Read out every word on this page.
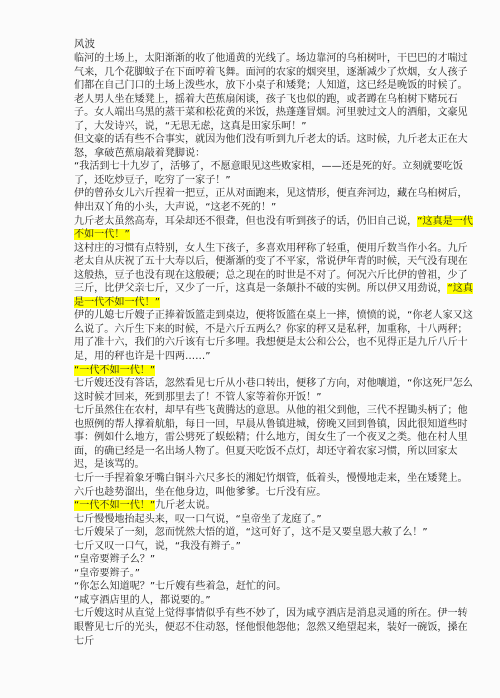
风波

临河的土场上，太阳渐渐的收了他通黄的光线了。场边靠河的乌桕树叶，干巴巴的才喘过气来，几个花脚蚊子在下面哼着飞舞。面河的农家的烟突里，逐渐减少了炊烟，女人孩子们都在自己门口的土场上泼些水，放下小桌子和矮凳；人知道，这已经是晚饭的时候了。

老人男人坐在矮凳上，摇着大芭蕉扇闲谈，孩子飞也似的跑，或者蹲在乌桕树下赌玩石子。女人端出乌黑的蒸干菜和松花黄的米饭，热蓬蓬冒烟。河里驶过文人的酒船，文豪见了，大发诗兴，说，“无思无虑，这真是田家乐呵！”

但文豪的话有些不合事实，就因为他们没有听到九斤老太的话。这时候，九斤老太正在大怒，拿破芭蕉扇敲着凳脚说：

“我活到七十九岁了，活够了，不愿意眼见这些败家相，——还是死的好。立刻就要吃饭了，还吃炒豆子，吃穷了一家子！”

伊的曾孙女儿六斤捏着一把豆，正从对面跑来，见这情形，便直奔河边，藏在乌桕树后，伸出双丫角的小头，大声说，“这老不死的！”

九斤老太虽然高寿，耳朵却还不很聋，但也没有听到孩子的话，仍旧自己说，“这真是一代不如一代！”

这村庄的习惯有点特别，女人生下孩子，多喜欢用秤称了轻重，便用斤数当作小名。九斤老太自从庆祝了五十大寿以后，便渐渐的变了不平家，常说伊年青的时候，天气没有现在这般热，豆子也没有现在这般硬；总之现在的时世是不对了。何况六斤比伊的曾祖，少了三斤，比伊父亲七斤，又少了一斤，这真是一条颠扑不破的实例。所以伊又用劲说，“这真是一代不如一代！”

伊的儿媳七斤嫂子正捧着饭篮走到桌边，便将饭篮在桌上一摔，愤愤的说，“你老人家又这么说了。六斤生下来的时候，不是六斤五两么？你家的秤又是私秤，加重称，十八两秤；用了准十六，我们的六斤该有七斤多哩。我想便是太公和公公，也不见得正是九斤八斤十足，用的秤也许是十四两……”

“一代不如一代！”

七斤嫂还没有答话，忽然看见七斤从小巷口转出，便移了方向，对他嚷道，“你这死尸怎么这时候才回来，死到那里去了！不管人家等着你开饭！”

七斤虽然住在农村，却早有些飞黄腾达的意思。从他的祖父到他，三代不捏锄头柄了；他也照例的帮人撑着航船，每日一回，早晨从鲁镇进城，傍晚又回到鲁镇，因此很知道些时事：例如什么地方，雷公劈死了蜈蚣精；什么地方，闺女生了一个夜叉之类。他在村人里面，的确已经是一名出场人物了。但夏天吃饭不点灯，却还守着农家习惯，所以回家太迟，是该骂的。

七斤一手捏着象牙嘴白铜斗六尺多长的湘妃竹烟管，低着头，慢慢地走来，坐在矮凳上。六斤也趁势溜出，坐在他身边，叫他爹爹。七斤没有应。

“一代不如一代！”九斤老太说。

七斤慢慢地抬起头来，叹一口气说，“皇帝坐了龙庭了。”

七斤嫂呆了一刻，忽而恍然大悟的道，“这可好了，这不是又要皇恩大赦了么！”

七斤又叹一口气，说，“我没有辫子。”

“皇帝要辫子么？”

“皇帝要辫子。”

“你怎么知道呢？”七斤嫂有些着急，赶忙的问。

“咸亨酒店里的人，都说要的。”

七斤嫂这时从直觉上觉得事情似乎有些不妙了，因为咸亨酒店是消息灵通的所在。伊一转眼瞥见七斤的光头，便忍不住动怒，怪他恨他怨他；忽然又绝望起来，装好一碗饭，搡在七斤
